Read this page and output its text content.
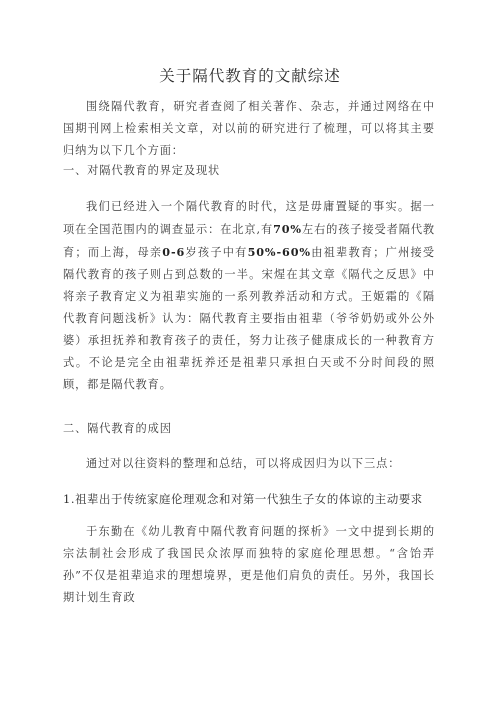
关于隔代教育的文献综述

围绕隔代教育，研究者查阅了相关著作、杂志，并通过网络在中国期刊网上检索相关文章，对以前的研究进行了梳理，可以将其主要归纳为以下几个方面：

一、对隔代教育的界定及现状

我们已经进入一个隔代教育的时代，这是毋庸置疑的事实。据一项在全国范围内的调查显示：在北京,有70%左右的孩子接受者隔代教育；而上海，母亲0-6岁孩子中有50%-60%由祖辈教育；广州接受隔代教育的孩子则占到总数的一半。宋煋在其文章《隔代之反思》中将亲子教育定义为祖辈实施的一系列教养活动和方式。王姬霜的《隔代教育问题浅析》认为：隔代教育主要指由祖辈（爷爷奶奶或外公外婆）承担抚养和教育孩子的责任，努力让孩子健康成长的一种教育方式。不论是完全由祖辈抚养还是祖辈只承担白天或不分时间段的照顾，都是隔代教育。

二、隔代教育的成因

通过对以往资料的整理和总结，可以将成因归为以下三点：

1.祖辈出于传统家庭伦理观念和对第一代独生子女的体谅的主动要求

于东勤在《幼儿教育中隔代教育问题的探析》一文中提到长期的宗法制社会形成了我国民众浓厚而独特的家庭伦理思想。“含饴弄孙”不仅是祖辈追求的理想境界，更是他们肩负的责任。另外，我国长期计划生育政
